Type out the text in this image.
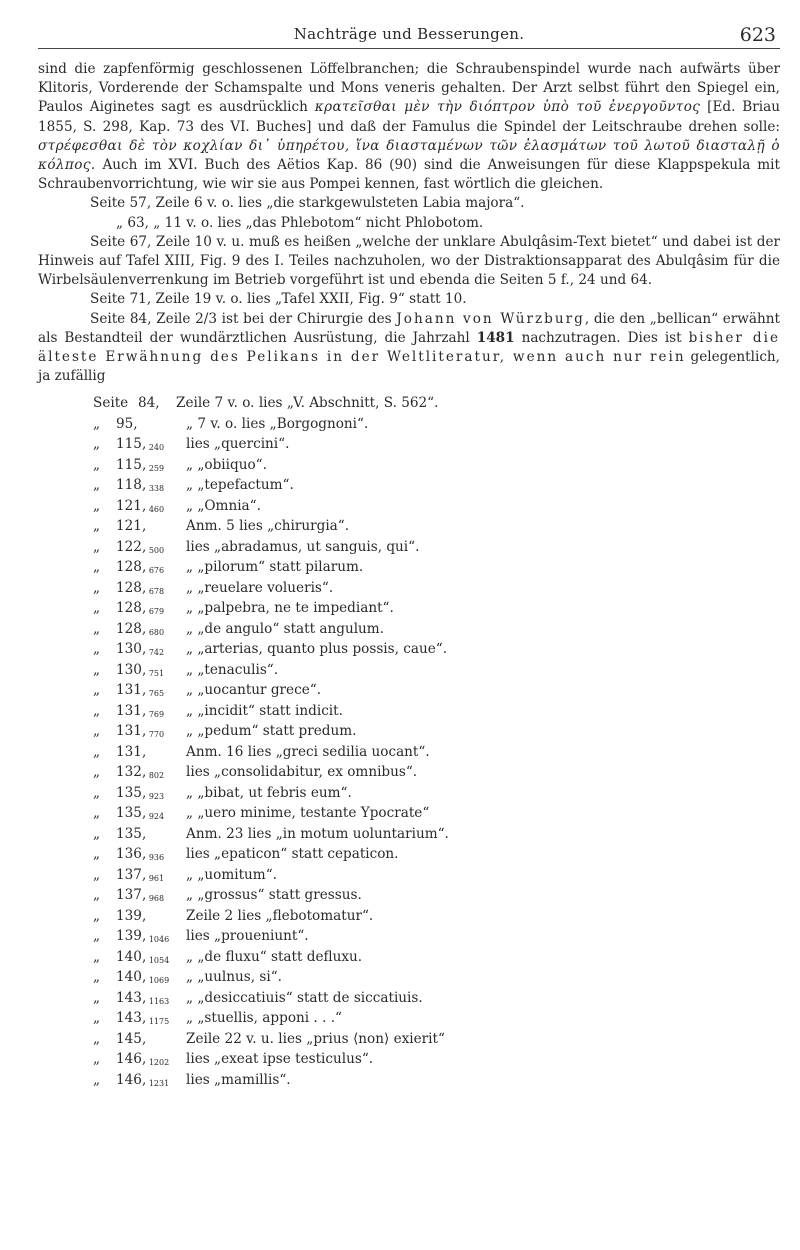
Nachträge und Besserungen.	623

sind die zapfenförmig geschlossenen Löffelbranchen; die Schraubenspindel wurde nach aufwärts über Klitoris, Vorderende der Schamspalte und Mons veneris gehalten. Der Arzt selbst führt den Spiegel ein, Paulos Aiginetes sagt es ausdrücklich κρατεῖσθαι μὲν τὴν διόπτρον ὑπὸ τοῦ ἐνεργοῦντος [Ed. Briau 1855, S. 298, Kap. 73 des VI. Buches] und daß der Famulus die Spindel der Leitschraube drehen solle: στρέφεσθαι δὲ τὸν κοχλίαν δι᾽ ὑπηρέτου, ἵνα διασταμένων τῶν ἐλασμάτων τοῦ λωτοῦ διασταλῇ ὁ κόλπος. Auch im XVI. Buch des Aëtios Kap. 86 (90) sind die Anweisungen für diese Klappspekula mit Schraubenvorrichtung, wie wir sie aus Pompei kennen, fast wörtlich die gleichen.

Seite 57, Zeile 6 v. o. lies „die starkgewulsteten Labia majora“.

„ 63, „ 11 v. o. lies „das Phlebotom“ nicht Phlobotom.

Seite 67, Zeile 10 v. u. muß es heißen „welche der unklare Abulqâsim-Text bietet“ und dabei ist der Hinweis auf Tafel XIII, Fig. 9 des I. Teiles nachzuholen, wo der Distraktionsapparat des Abulqâsim für die Wirbelsäulenverrenkung im Betrieb vorgeführt ist und ebenda die Seiten 5 f., 24 und 64.

Seite 71, Zeile 19 v. o. lies „Tafel XXII, Fig. 9“ statt 10.

Seite 84, Zeile 2/3 ist bei der Chirurgie des Johann von Würzburg, die den „bellican“ erwähnt als Bestandteil der wundärztlichen Ausrüstung, die Jahrzahl 1481 nachzutragen. Dies ist bisher die älteste Erwähnung des Pelikans in der Weltliteratur, wenn auch nur rein gelegentlich, ja zufällig

Seite 84, Zeile 7 v. o. lies „V. Abschnitt, S. 562“.
„ 95,	„ 7 v. o. lies „Borgognoni“.
„ 115, $_{240}$ lies „quercini“.
„ 115, $_{259}$ „ „obiiquo“.
„ 118, $_{338}$ „ „tepefactum“.
„ 121, $_{460}$ „ „Omnia“.
„ 121,	Anm. 5 lies „chirurgia“.
„ 122, $_{500}$ lies „abradamus, ut sanguis, qui“.
„ 128, $_{676}$ „ „pilorum“ statt pilarum.
„ 128, $_{678}$ „ „reuelare volueris“.
„ 128, $_{679}$ „ „palpebra, ne te impediant“.
„ 128, $_{680}$ „ „de angulo“ statt angulum.
„ 130, $_{742}$ „ „arterias, quanto plus possis, caue“.
„ 130, $_{751}$ „ „tenaculis“.
„ 131, $_{765}$ „ „uocantur grece“.
„ 131, $_{769}$ „ „incidit“ statt indicit.
„ 131, $_{770}$ „ „pedum“ statt predum.
„ 131,	Anm. 16 lies „greci sedilia uocant“.
„ 132, $_{802}$ lies „consolidabitur, ex omnibus“.
„ 135, $_{923}$ „ „bibat, ut febris eum“.
„ 135, $_{924}$ „ „uero minime, testante Ypocrate“
„ 135,	Anm. 23 lies „in motum uoluntarium“.
„ 136, $_{936}$ lies „epaticon“ statt cepaticon.
„ 137, $_{961}$ „ „uomitum“.
„ 137, $_{968}$ „ „grossus“ statt gressus.
„ 139,	Zeile 2 lies „flebotomatur“.
„ 139, $_{1046}$ lies „proueniunt“.
„ 140, $_{1054}$ „ „de fluxu“ statt defluxu.
„ 140, $_{1069}$ „ „uulnus, si“.
„ 143, $_{1163}$ „ „desiccatiuis“ statt de siccatiuis.
„ 143, $_{1175}$ „ „stuellis, apponi . . .“
„ 145,	Zeile 22 v. u. lies „prius ⟨non⟩ exierit“
„ 146, $_{1202}$ lies „exeat ipse testiculus“.
„ 146, $_{1231}$ lies „mamillis“.
